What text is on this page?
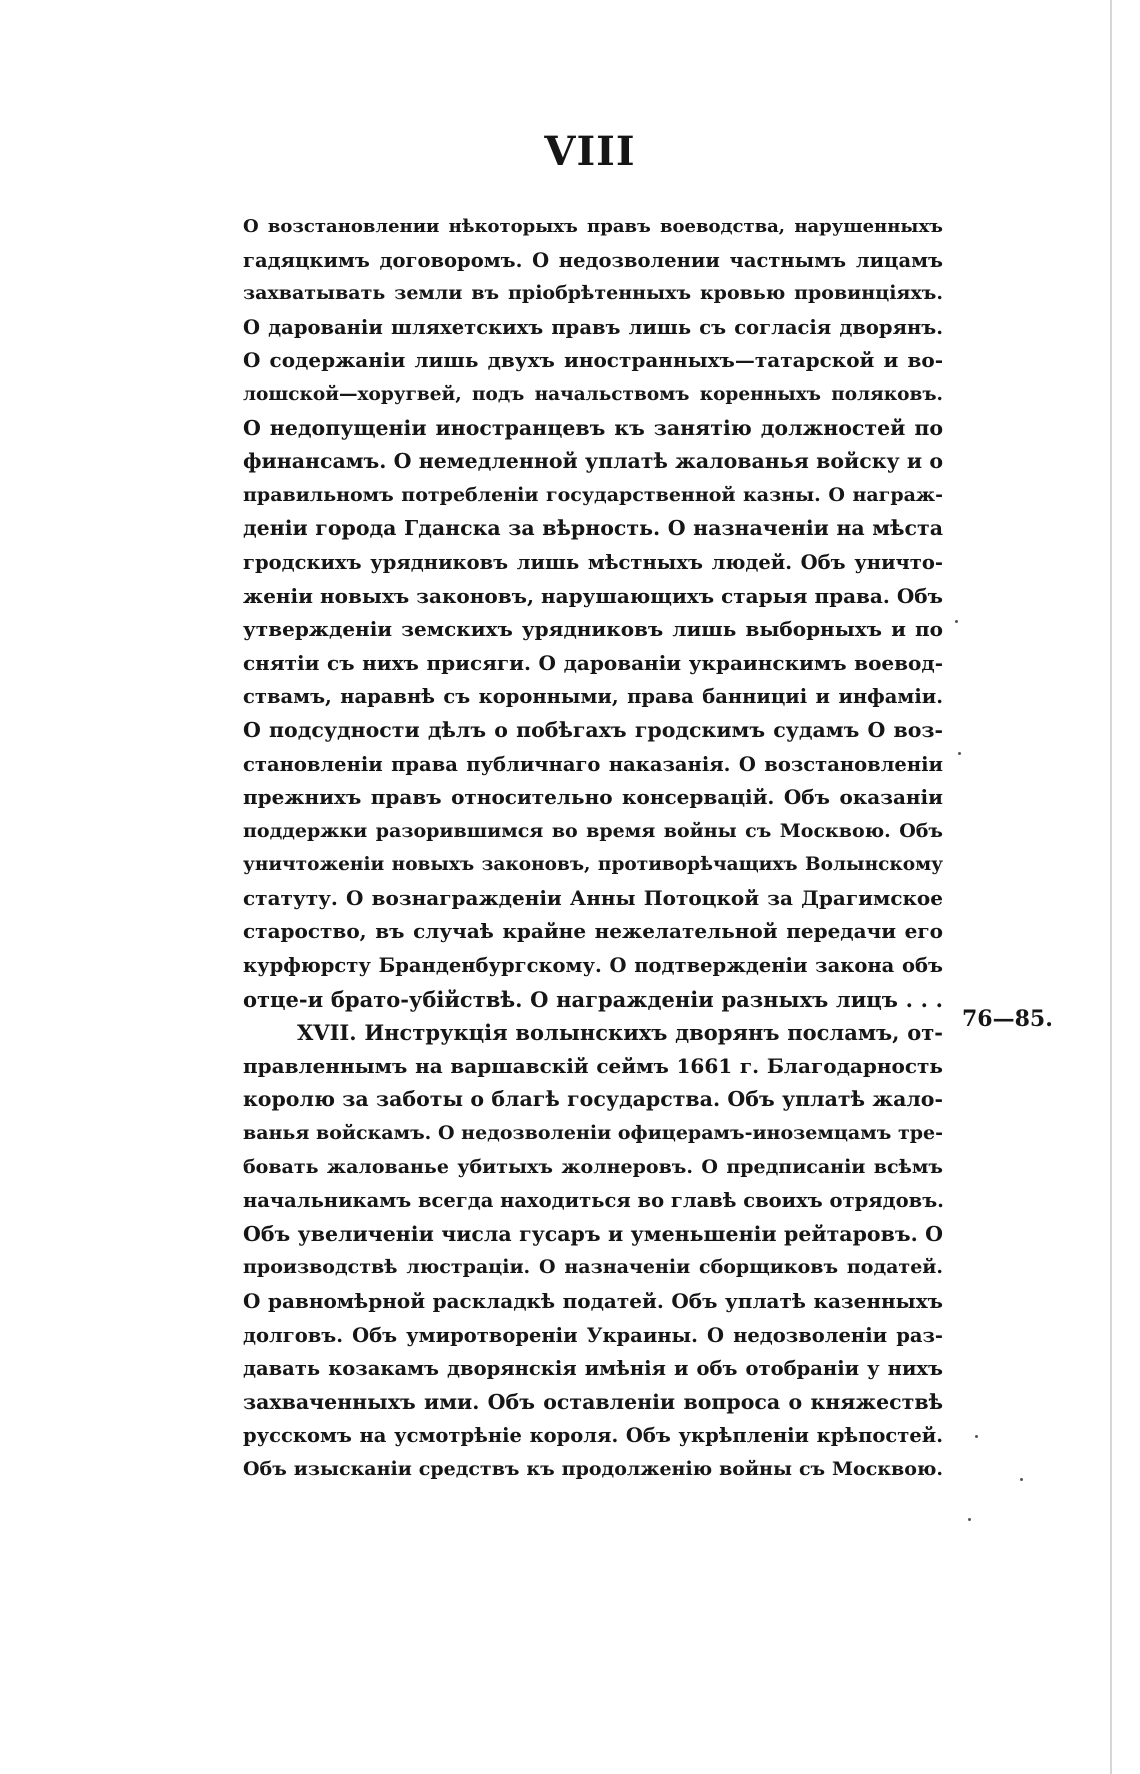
VIII
О возстановлении нѣкоторыхъ правъ воеводства, нарушенныхъ
гадяцкимъ договоромъ. О недозволении частнымъ лицамъ
захватывать земли въ пріобрѣтенныхъ кровью провинціяхъ.
О дарованіи шляхетскихъ правъ лишь съ согласія дворянъ.
О содержаніи лишь двухъ иностранныхъ—татарской и во-
лошской—хоругвей, подъ начальствомъ коренныхъ поляковъ.
О недопущеніи иностранцевъ къ занятію должностей по
финансамъ. О немедленной уплатѣ жалованья войску и о
правильномъ потребленіи государственной казны. О награж-
деніи города Гданска за вѣрность. О назначеніи на мѣста
гродскихъ урядниковъ лишь мѣстныхъ людей. Объ уничто-
женіи новыхъ законовъ, нарушающихъ старыя права. Объ
утвержденіи земскихъ урядниковъ лишь выборныхъ и по
снятіи съ нихъ присяги. О дарованіи украинскимъ воевод-
ствамъ, наравнѣ съ коронными, права баннициі и инфаміи.
О подсудности дѣлъ о побѣгахъ гродскимъ судамъ О воз-
становленіи права публичнаго наказанія. О возстановленіи
прежнихъ правъ относительно консервацій. Объ оказаніи
поддержки разорившимся во время войны съ Москвою. Объ
уничтоженіи новыхъ законовъ, противорѣчащихъ Волынскому
статуту. О вознагражденіи Анны Потоцкой за Драгимское
староство, въ случаѣ крайне нежелательной передачи его
курфюрсту Бранденбургскому. О подтвержденіи закона объ
отце-и брато-убійствѣ. О награжденіи разныхъ лицъ . . .
XVII. Инструкція волынскихъ дворянъ посламъ, от-
правленнымъ на варшавскій сеймъ 1661 г. Благодарность
королю за заботы о благѣ государства. Объ уплатѣ жало-
ванья войскамъ. О недозволеніи офицерамъ-иноземцамъ тре-
бовать жалованье убитыхъ жолнеровъ. О предписаніи всѣмъ
начальникамъ всегда находиться во главѣ своихъ отрядовъ.
Объ увеличеніи числа гусаръ и уменьшеніи рейтаровъ. О
производствѣ люстраціи. О назначеніи сборщиковъ податей.
О равномѣрной раскладкѣ податей. Объ уплатѣ казенныхъ
долговъ. Объ умиротвореніи Украины. О недозволеніи раз-
давать козакамъ дворянскія имѣнія и объ отобраніи у нихъ
захваченныхъ ими. Объ оставленіи вопроса о княжествѣ
русскомъ на усмотрѣніе короля. Объ укрѣпленіи крѣпостей.
Объ изысканіи средствъ къ продолженію войны съ Москвою.
76—85.
